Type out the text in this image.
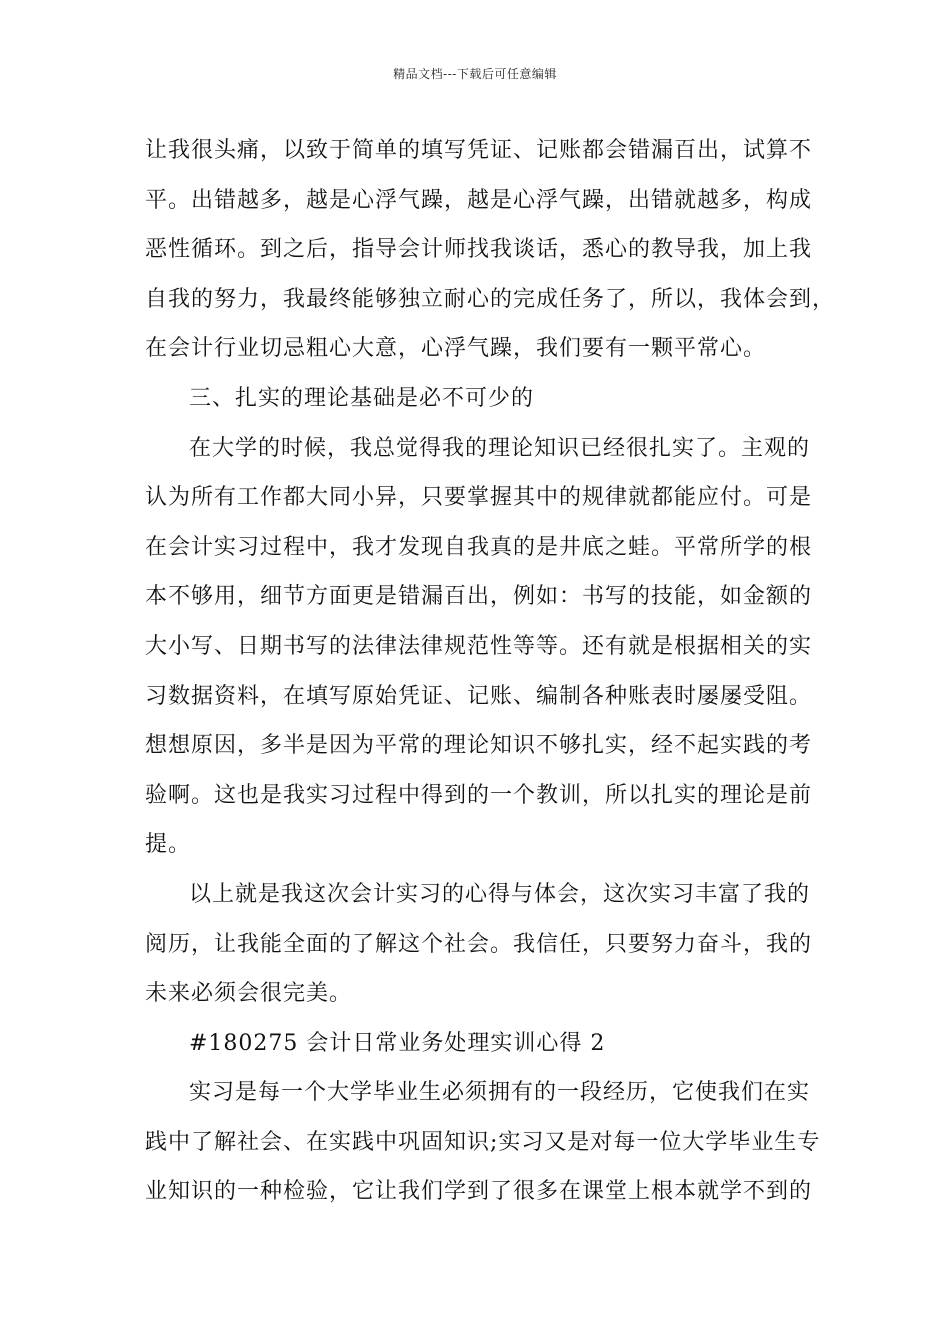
精品文档---下载后可任意编辑
让我很头痛，以致于简单的填写凭证、记账都会错漏百出，试算不
平。出错越多，越是心浮气躁，越是心浮气躁，出错就越多，构成
恶性循环。到之后，指导会计师找我谈话，悉心的教导我，加上我
自我的努力，我最终能够独立耐心的完成任务了，所以，我体会到，
在会计行业切忌粗心大意，心浮气躁，我们要有一颗平常心。
三、扎实的理论基础是必不可少的
在大学的时候，我总觉得我的理论知识已经很扎实了。主观的
认为所有工作都大同小异，只要掌握其中的规律就都能应付。可是
在会计实习过程中，我才发现自我真的是井底之蛙。平常所学的根
本不够用，细节方面更是错漏百出，例如：书写的技能，如金额的
大小写、日期书写的法律法律规范性等等。还有就是根据相关的实
习数据资料，在填写原始凭证、记账、编制各种账表时屡屡受阻。
想想原因，多半是因为平常的理论知识不够扎实，经不起实践的考
验啊。这也是我实习过程中得到的一个教训，所以扎实的理论是前
提。
以上就是我这次会计实习的心得与体会，这次实习丰富了我的
阅历，让我能全面的了解这个社会。我信任，只要努力奋斗，我的
未来必须会很完美。
#180275 会计日常业务处理实训心得 2
实习是每一个大学毕业生必须拥有的一段经历，它使我们在实
践中了解社会、在实践中巩固知识;实习又是对每一位大学毕业生专
业知识的一种检验，它让我们学到了很多在课堂上根本就学不到的
